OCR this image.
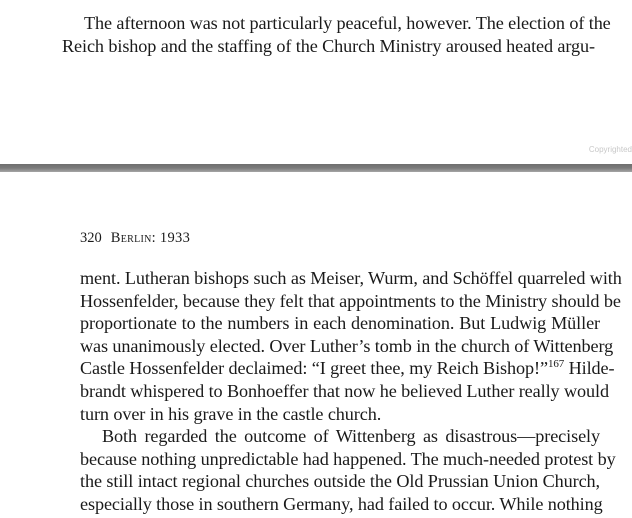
The afternoon was not particularly peaceful, however. The election of the
Reich bishop and the staffing of the Church Ministry aroused heated argu-
Copyrighted
320 Berlin: 1933
ment. Lutheran bishops such as Meiser, Wurm, and Schöffel quarreled with
Hossenfelder, because they felt that appointments to the Ministry should be
proportionate to the numbers in each denomination. But Ludwig Müller
was unanimously elected. Over Luther’s tomb in the church of Wittenberg
Castle Hossenfelder declaimed: “I greet thee, my Reich Bishop!”$^{167}$ Hilde-
brandt whispered to Bonhoeffer that now he believed Luther really would
turn over in his grave in the castle church.
Both regarded the outcome of Wittenberg as disastrous—precisely
because nothing unpredictable had happened. The much-needed protest by
the still intact regional churches outside the Old Prussian Union Church,
especially those in southern Germany, had failed to occur. While nothing
